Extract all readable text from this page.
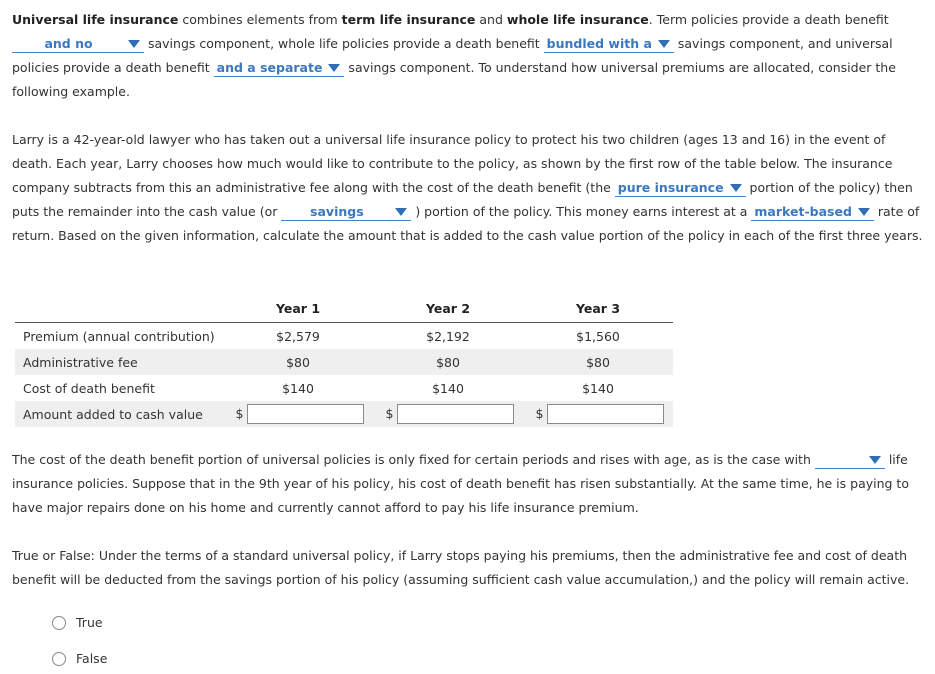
Universal life insurance combines elements from term life insurance and whole life insurance. Term policies provide a death benefit
and no	savings component, whole life policies provide a death benefit bundled with a
savings component, and universal policies provide a death benefit and a separate
savings component. To understand how universal premiums are allocated, consider the following example.

Larry is a 42-year-old lawyer who has taken out a universal life insurance policy to protect his two children (ages 13 and 16) in the event of death. Each year, Larry chooses how much would like to contribute to the policy, as shown by the first row of the table below. The insurance company subtracts from this an administrative fee along with the cost of the death benefit (the pure insurance
portion of the policy) then puts the remainder into the cash value (or savings	) portion of the policy. This money earns interest at a market-based
rate of return. Based on the given information, calculate the amount that is added to the cash value portion of the policy in each of the first three years.

	Year 1	Year 2	Year 3
Premium (annual contribution)	$2,579	$2,192	$1,560
Administrative fee	$80	$80	$80
Cost of death benefit	$140	$140	$140
Amount added to cash value	$	$	$

The cost of the death benefit portion of universal policies is only fixed for certain periods and rises with age, as is the case with	life insurance policies. Suppose that in the 9th year of his policy, his cost of death benefit has risen substantially. At the same time, he is paying to have major repairs done on his home and currently cannot afford to pay his life insurance premium.

True or False: Under the terms of a standard universal policy, if Larry stops paying his premiums, then the administrative fee and cost of death benefit will be deducted from the savings portion of his policy (assuming sufficient cash value accumulation,) and the policy will remain active.

True
False
